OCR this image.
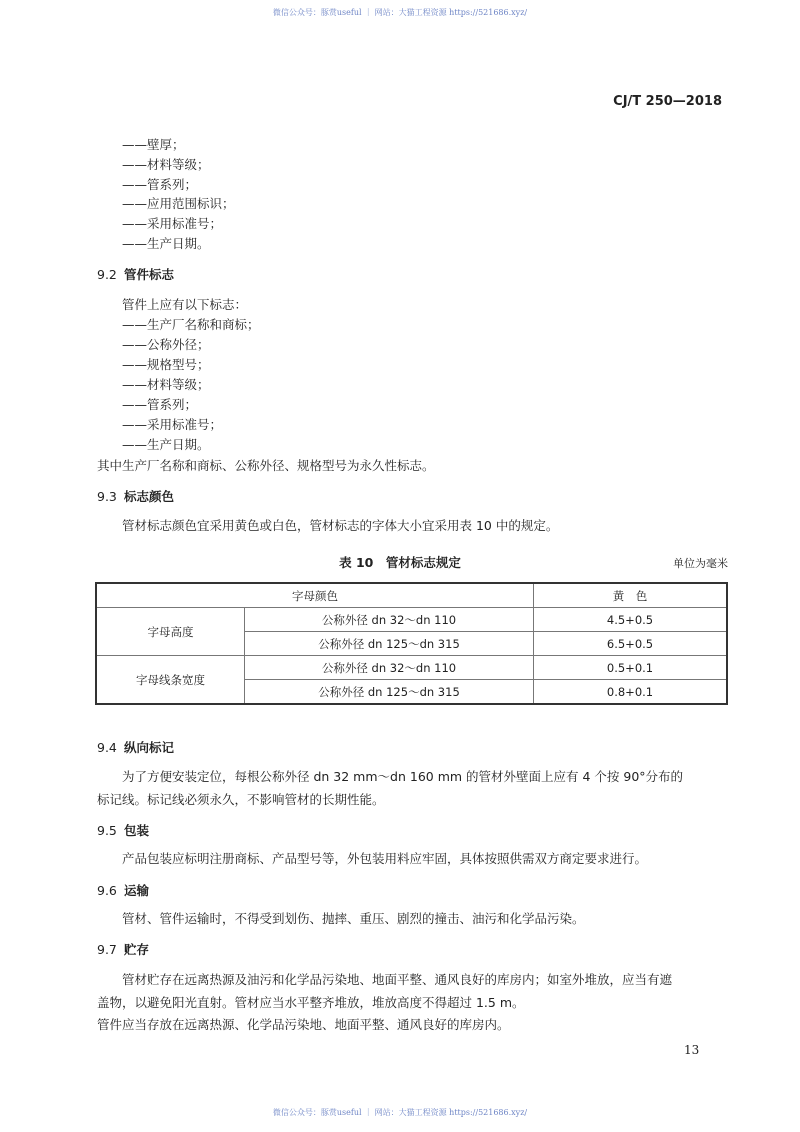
微信公众号：豚赏useful ｜ 网站：大猫工程资源 https://521686.xyz/
CJ/T 250—2018
——壁厚；
——材料等级；
——管系列；
——应用范围标识；
——采用标准号；
——生产日期。
9.2 管件标志
管件上应有以下标志：
——生产厂名称和商标；
——公称外径；
——规格型号；
——材料等级；
——管系列；
——采用标准号；
——生产日期。
其中生产厂名称和商标、公称外径、规格型号为永久性标志。
9.3 标志颜色
管材标志颜色宜采用黄色或白色，管材标志的字体大小宜采用表 10 中的规定。
表 10　管材标志规定	单位为毫米
字母颜色		黄　色
字母高度	公称外径 dn 32～dn 110	4.5+0.5
	公称外径 dn 125～dn 315	6.5+0.5
字母线条宽度	公称外径 dn 32～dn 110	0.5+0.1
	公称外径 dn 125～dn 315	0.8+0.1
9.4 纵向标记
为了方便安装定位，每根公称外径 dn 32 mm～dn 160 mm 的管材外壁面上应有 4 个按 90°分布的
标记线。标记线必须永久，不影响管材的长期性能。
9.5 包装
产品包装应标明注册商标、产品型号等，外包装用料应牢固，具体按照供需双方商定要求进行。
9.6 运输
管材、管件运输时，不得受到划伤、抛摔、重压、剧烈的撞击、油污和化学品污染。
9.7 贮存
管材贮存在远离热源及油污和化学品污染地、地面平整、通风良好的库房内；如室外堆放，应当有遮
盖物，以避免阳光直射。管材应当水平整齐堆放，堆放高度不得超过 1.5 m。
管件应当存放在远离热源、化学品污染地、地面平整、通风良好的库房内。
13
微信公众号：豚赏useful ｜ 网站：大猫工程资源 https://521686.xyz/
